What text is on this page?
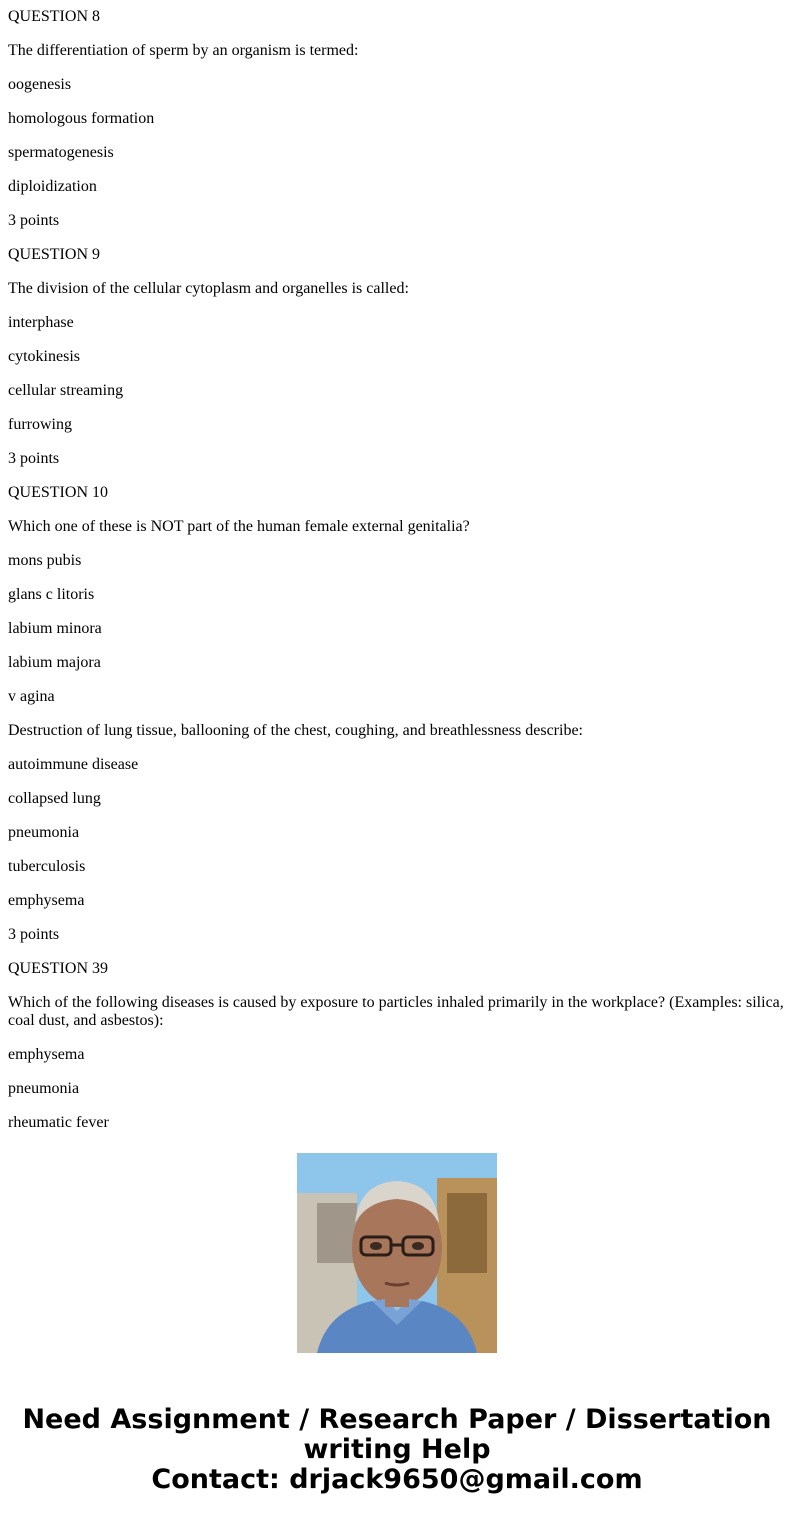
QUESTION 8

The differentiation of sperm by an organism is termed:

oogenesis

homologous formation

spermatogenesis

diploidization

3 points

QUESTION 9

The division of the cellular cytoplasm and organelles is called:

interphase

cytokinesis

cellular streaming

furrowing

3 points

QUESTION 10

Which one of these is NOT part of the human female external genitalia?

mons pubis

glans c litoris

labium minora

labium majora

v agina

Destruction of lung tissue, ballooning of the chest, coughing, and breathlessness describe:

autoimmune disease

collapsed lung

pneumonia

tuberculosis

emphysema

3 points

QUESTION 39

Which of the following diseases is caused by exposure to particles inhaled primarily in the workplace? (Examples: silica, coal dust, and asbestos):

emphysema

pneumonia

rheumatic fever

Need Assignment / Research Paper / Dissertation
writing Help
Contact: drjack9650@gmail.com
